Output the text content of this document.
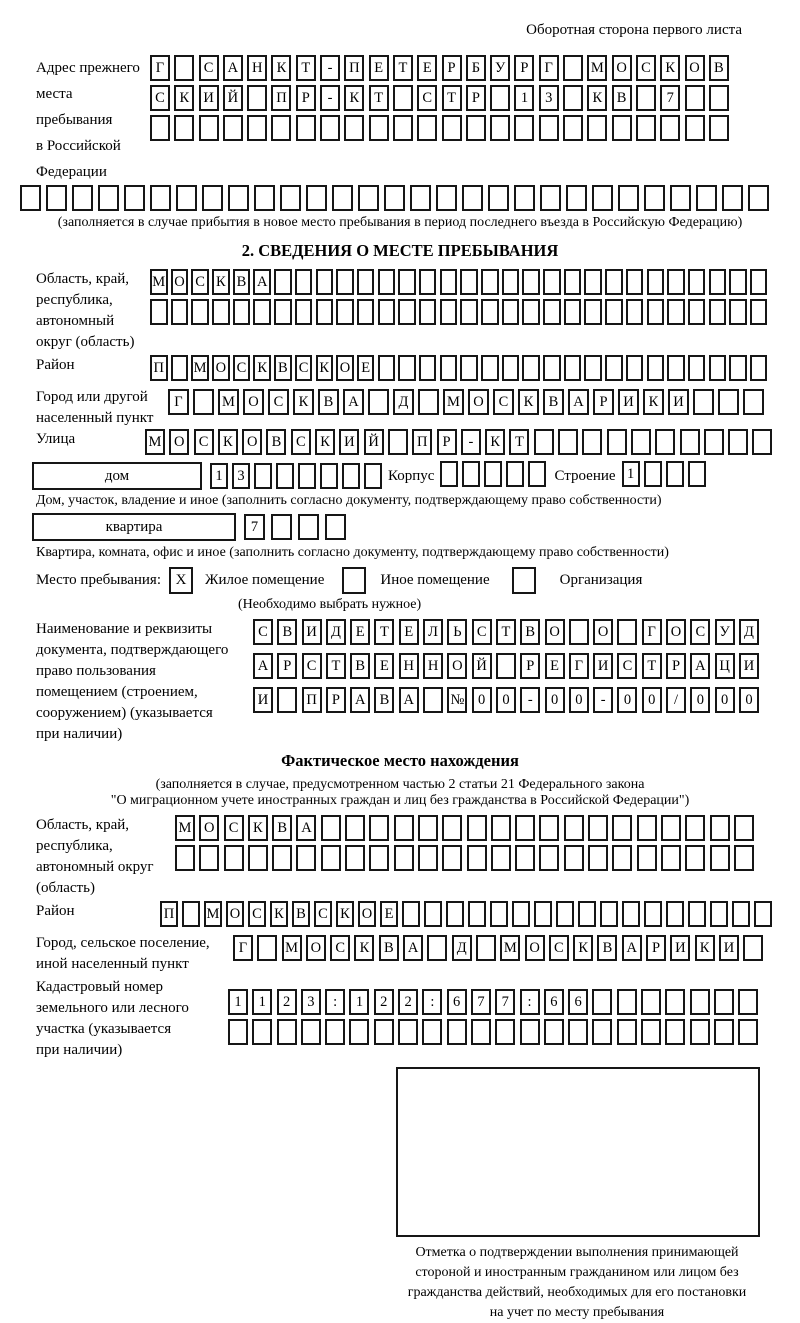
Оборотная сторона первого листа
Адрес прежнего
места пребывания
в Российской
Федерации
Г	С А Н К Т - П Е Т Е Р Б У Р Г	М О С К О В
С К И Й	П Р - К Т	С Т Р	1 3	К В	7
(заполняется в случае прибытия в новое место пребывания в период последнего въезда в Российскую Федерацию)
2. СВЕДЕНИЯ О МЕСТЕ ПРЕБЫВАНИЯ
Область, край,
республика,
автономный
округ (область)
М О С К В А
Район	П М О С К В С К О Е
Город или другой
населенный пункт
Г	М О С К В А	Д	М О С К В А Р И К И
Улица	М О С К О В С К И Й	П Р - К Т
дом	1 3	Корпус	Строение 1
Дом, участок, владение и иное (заполнить согласно документу, подтверждающему право собственности)
квартира	7
Квартира, комната, офис и иное (заполнить согласно документу, подтверждающему право собственности)
Место пребывания: X	Жилое помещение	Иное помещение	Организация
(Необходимо выбрать нужное)
Наименование и реквизиты
документа, подтверждающего
право пользования
помещением (строением,
сооружением) (указывается
при наличии)
С В И Д Е Т Е Л Ь С Т В О	О	Г О С У Д
А Р С Т В Е Н Н О Й	Р Е Г И С Т Р А Ц И
И	П Р А В А	№ 0 0 - 0 0 - 0 0 / 0 0 0
Фактическое место нахождения
(заполняется в случае, предусмотренном частью 2 статьи 21 Федерального закона
"О миграционном учете иностранных граждан и лиц без гражданства в Российской Федерации")
Область, край,
республика,
автономный округ
(область)
М О С К В А
Район	П М О С К В С К О Е
Город, сельское поселение,
иной населенный пункт
Г	М О С К В А	Д	М О С К В А Р И К И
Кадастровый номер
земельного или лесного
участка (указывается
при наличии)
1 1 2 3 : 1 2 2 : 6 7 7 : 6 6
Отметка о подтверждении выполнения принимающей
стороной и иностранным гражданином или лицом без
гражданства действий, необходимых для его постановки
на учет по месту пребывания
